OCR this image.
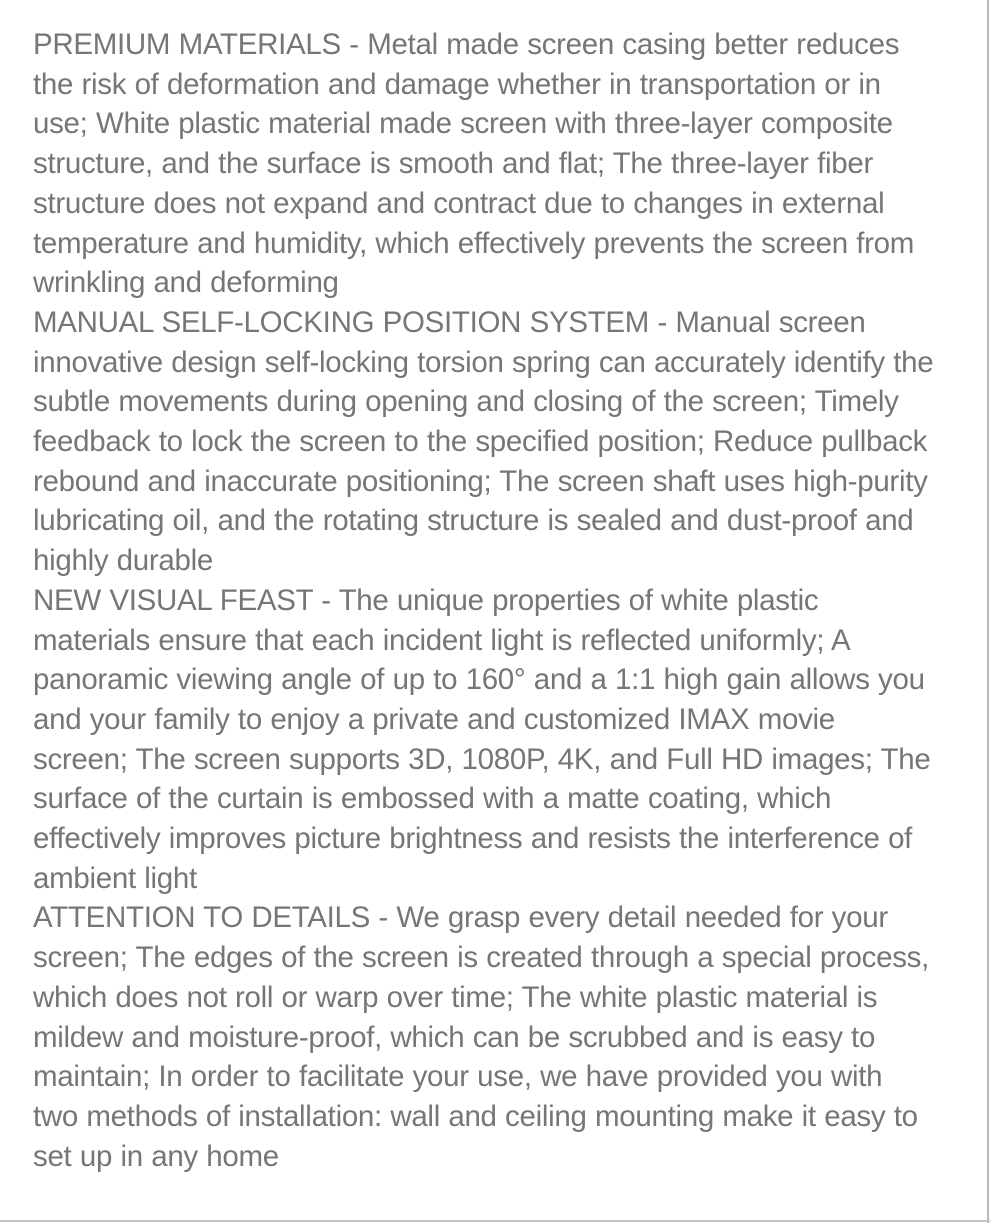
PREMIUM MATERIALS - Metal made screen casing better reduces the risk of deformation and damage whether in transportation or in use; White plastic material made screen with three-layer composite structure, and the surface is smooth and flat; The three-layer fiber structure does not expand and contract due to changes in external temperature and humidity, which effectively prevents the screen from wrinkling and deforming

MANUAL SELF-LOCKING POSITION SYSTEM - Manual screen innovative design self-locking torsion spring can accurately identify the subtle movements during opening and closing of the screen; Timely feedback to lock the screen to the specified position; Reduce pullback rebound and inaccurate positioning; The screen shaft uses high-purity lubricating oil, and the rotating structure is sealed and dust-proof and highly durable

NEW VISUAL FEAST - The unique properties of white plastic materials ensure that each incident light is reflected uniformly; A panoramic viewing angle of up to 160° and a 1:1 high gain allows you and your family to enjoy a private and customized IMAX movie screen; The screen supports 3D, 1080P, 4K, and Full HD images; The surface of the curtain is embossed with a matte coating, which effectively improves picture brightness and resists the interference of ambient light

ATTENTION TO DETAILS - We grasp every detail needed for your screen; The edges of the screen is created through a special process, which does not roll or warp over time; The white plastic material is mildew and moisture-proof, which can be scrubbed and is easy to maintain; In order to facilitate your use, we have provided you with two methods of installation: wall and ceiling mounting make it easy to set up in any home
